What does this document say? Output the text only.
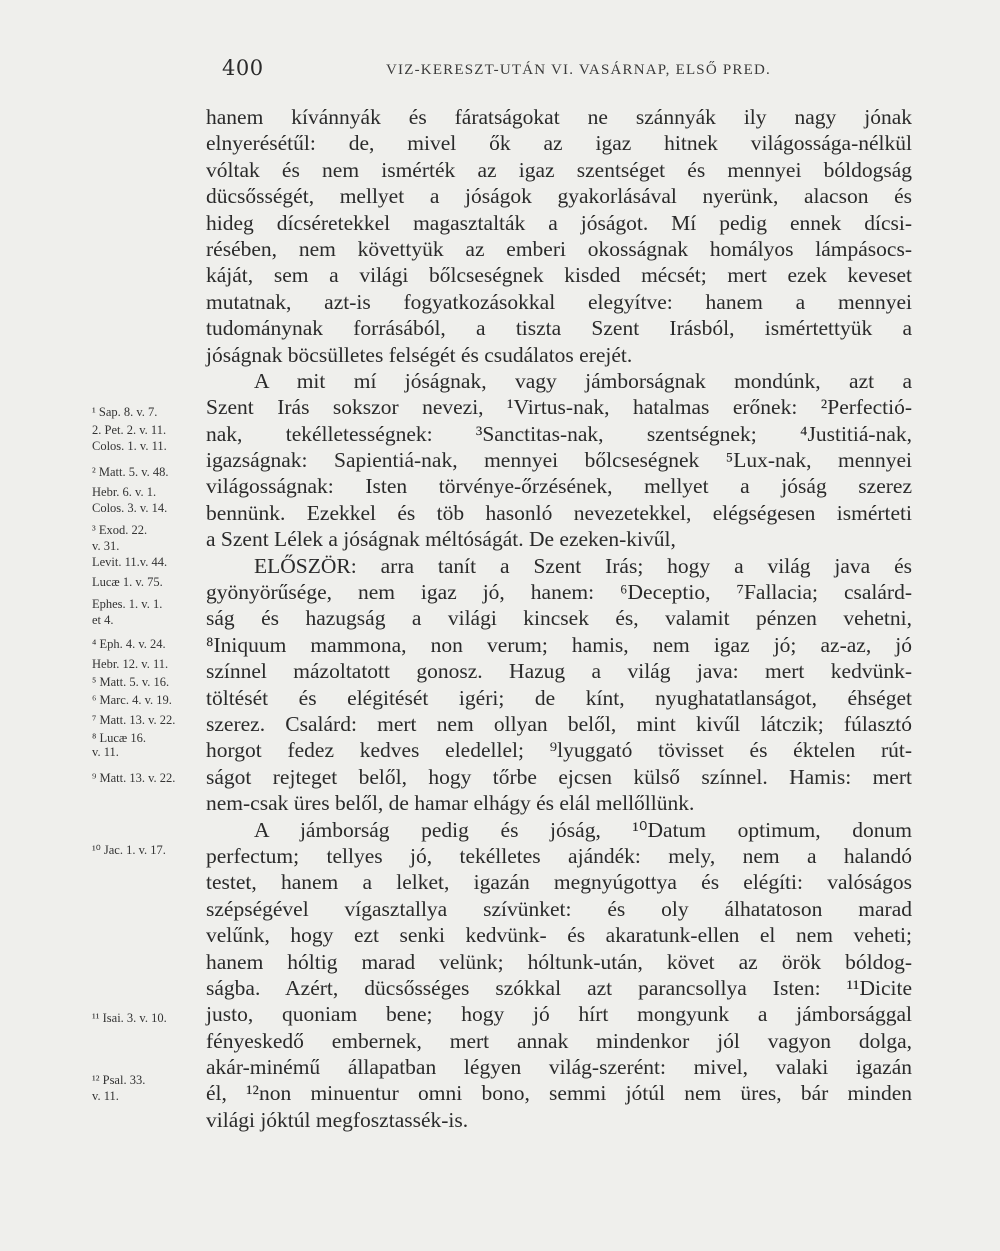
400	VIZ-KERESZT-UTÁN VI. VASÁRNAP, ELSŐ PRED.
hanem kívánnyák és fáratságokat ne szánnyák ily nagy jónak
elnyerésétűl: de, mivel ők az igaz hitnek világossága-nélkül
vóltak és nem ismérték az igaz szentséget és mennyei bóldogság
dücsősségét, mellyet a jóságok gyakorlásával nyerünk, alacson és
hideg dícséretekkel magasztalták a jóságot. Mí pedig ennek dícsi-
résében, nem követtyük az emberi okosságnak homályos lámpásocs-
káját, sem a világi bőlcseségnek kisded mécsét; mert ezek keveset
mutatnak, azt-is fogyatkozásokkal elegyítve: hanem a mennyei
tudománynak forrásából, a tiszta Szent Irásból, ismértettyük a
jóságnak böcsülletes felségét és csudálatos erejét.
A mit mí jóságnak, vagy jámborságnak mondúnk, azt a
Szent Irás sokszor nevezi, ¹Virtus-nak, hatalmas erőnek: ²Perfectió-
nak, tekélletességnek: ³Sanctitas-nak, szentségnek; ⁴Justitiá-nak,
igazságnak: Sapientiá-nak, mennyei bőlcseségnek ⁵Lux-nak, mennyei
világosságnak: Isten törvénye-őrzésének, mellyet a jóság szerez
bennünk. Ezekkel és töb hasonló nevezetekkel, elégségesen ismérteti
a Szent Lélek a jóságnak méltóságát. De ezeken-kivűl,
ELŐSZÖR: arra tanít a Szent Irás; hogy a világ java és
gyönyörűsége, nem igaz jó, hanem: ⁶Deceptio, ⁷Fallacia; csalárd-
ság és hazugság a világi kincsek és, valamit pénzen vehetni,
⁸Iniquum mammona, non verum; hamis, nem igaz jó; az-az, jó
színnel mázoltatott gonosz. Hazug a világ java: mert kedvünk-
töltését és elégitését igéri; de kínt, nyughatatlanságot, éhséget
szerez. Csalárd: mert nem ollyan belől, mint kivűl látczik; fúlasztó
horgot fedez kedves eledellel; ⁹lyuggató tövisset és éktelen rút-
ságot rejteget belől, hogy tőrbe ejcsen külső színnel. Hamis: mert
nem-csak üres belől, de hamar elhágy és elál mellőllünk.
A jámborság pedig és jóság, ¹⁰Datum optimum, donum
perfectum; tellyes jó, tekélletes ajándék: mely, nem a halandó
testet, hanem a lelket, igazán megnyúgottya és elégíti: valóságos
szépségével vígasztallya szívünket: és oly álhatatoson marad
velűnk, hogy ezt senki kedvünk- és akaratunk-ellen el nem veheti;
hanem hóltig marad velünk; hóltunk-után, követ az örök bóldog-
ságba. Azért, dücsősséges szókkal azt parancsollya Isten: ¹¹Dicite
justo, quoniam bene; hogy jó hírt mongyunk a jámborsággal
fényeskedő embernek, mert annak mindenkor jól vagyon dolga,
akár-minémű állapatban légyen világ-szerént: mivel, valaki igazán
él, ¹²non minuentur omni bono, semmi jótúl nem üres, bár minden
világi jóktúl megfosztassék-is.
¹ Sap. 8. v. 7.
2. Pet. 2. v. 11.
Colos. 1. v. 11.
² Matt. 5. v. 48.
Hebr. 6. v. 1.
Colos. 3. v. 14.
³ Exod. 22.
v. 31.
Levit. 11.v. 44.
Lucæ 1. v. 75.
Ephes. 1. v. 1.
et 4.
⁴ Eph. 4. v. 24.
Hebr. 12. v. 11.
⁵ Matt. 5. v. 16.
⁶ Marc. 4. v. 19.
⁷ Matt. 13. v. 22.
⁸ Lucæ 16.
v. 11.
⁹ Matt. 13. v. 22.
¹⁰ Jac. 1. v. 17.
¹¹ Isai. 3. v. 10.
¹² Psal. 33.
v. 11.
